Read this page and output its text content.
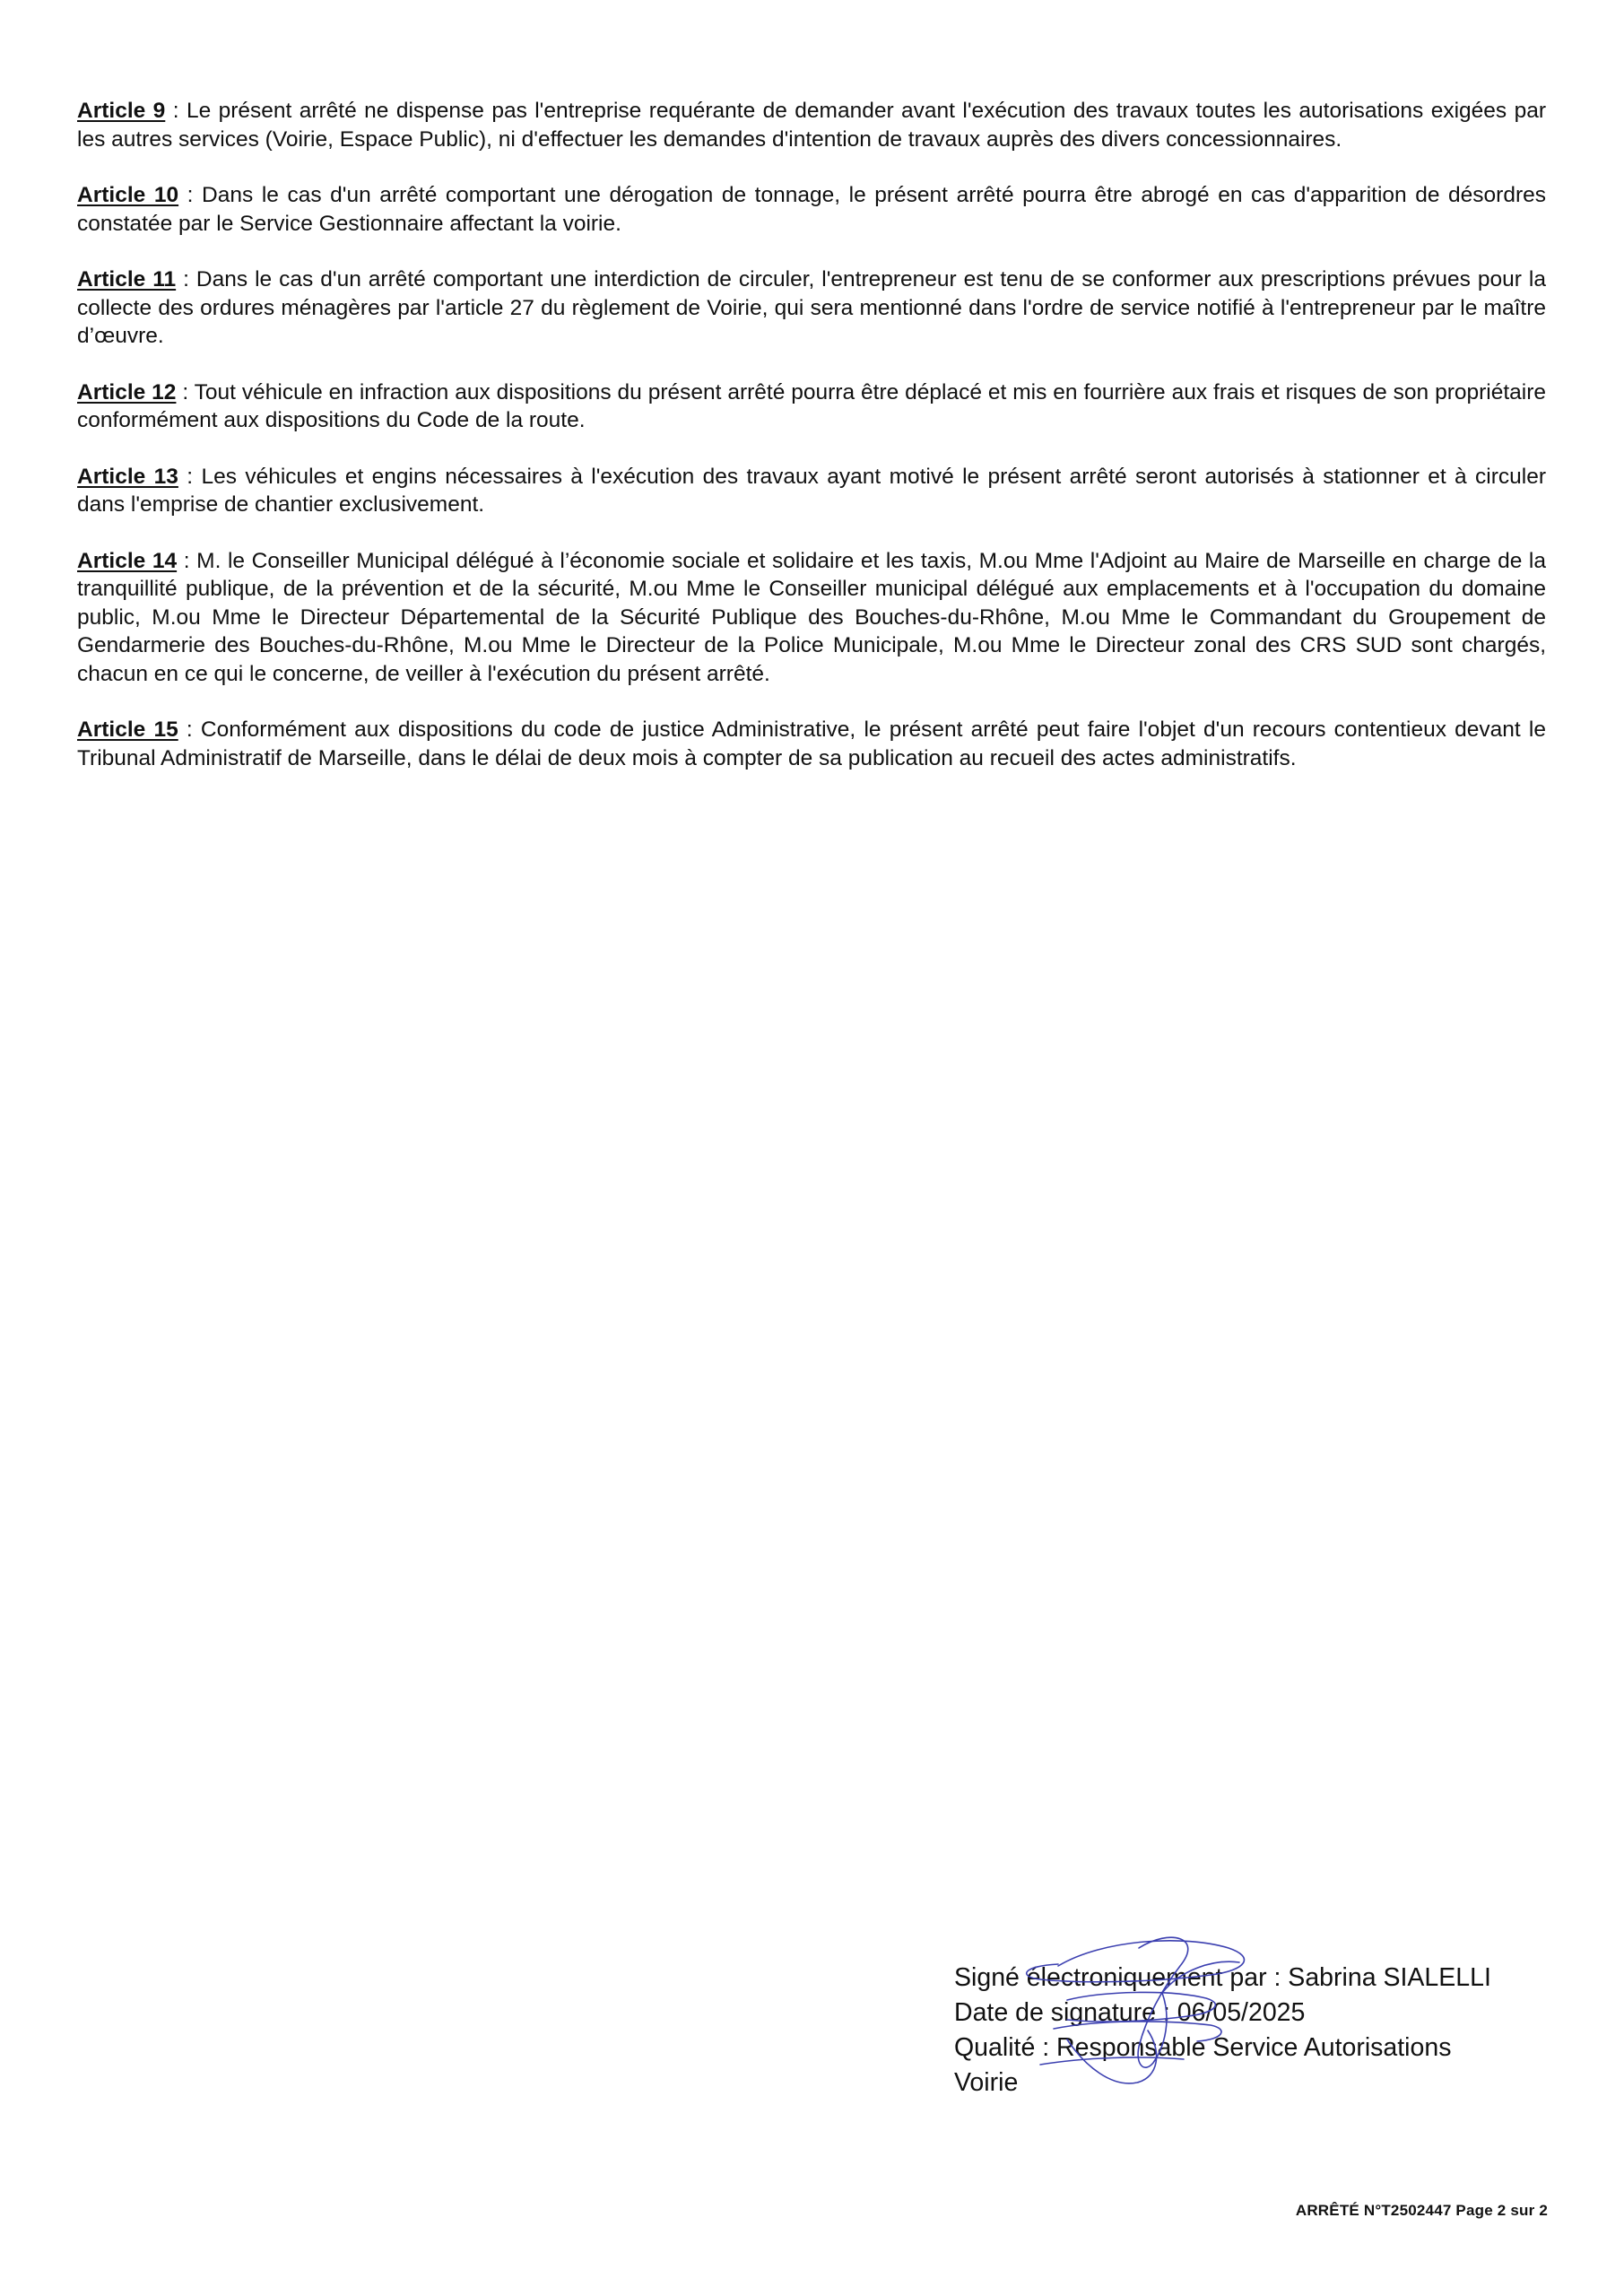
Article 9 : Le présent arrêté ne dispense pas l'entreprise requérante de demander avant l'exécution des travaux toutes les autorisations exigées par les autres services (Voirie, Espace Public), ni d'effectuer les demandes d'intention de travaux auprès des divers concessionnaires.

Article 10 : Dans le cas d'un arrêté comportant une dérogation de tonnage, le présent arrêté pourra être abrogé en cas d'apparition de désordres constatée par le Service Gestionnaire affectant la voirie.

Article 11 : Dans le cas d'un arrêté comportant une interdiction de circuler, l'entrepreneur est tenu de se conformer aux prescriptions prévues pour la collecte des ordures ménagères par l'article 27 du règlement de Voirie, qui sera mentionné dans l'ordre de service notifié à l'entrepreneur par le maître d’œuvre.

Article 12 : Tout véhicule en infraction aux dispositions du présent arrêté pourra être déplacé et mis en fourrière aux frais et risques de son propriétaire conformément aux dispositions du Code de la route.

Article 13 : Les véhicules et engins nécessaires à l'exécution des travaux ayant motivé le présent arrêté seront autorisés à stationner et à circuler dans l'emprise de chantier exclusivement.

Article 14 : M. le Conseiller Municipal délégué à l’économie sociale et solidaire et les taxis, M.ou Mme l'Adjoint au Maire de Marseille en charge de la tranquillité publique, de la prévention et de la sécurité, M.ou Mme le Conseiller municipal délégué aux emplacements et à l'occupation du domaine public, M.ou Mme le Directeur Départemental de la Sécurité Publique des Bouches-du-Rhône, M.ou Mme le Commandant du Groupement de Gendarmerie des Bouches-du-Rhône, M.ou Mme le Directeur de la Police Municipale, M.ou Mme le Directeur zonal des CRS SUD sont chargés, chacun en ce qui le concerne, de veiller à l'exécution du présent arrêté.

Article 15 : Conformément aux dispositions du code de justice Administrative, le présent arrêté peut faire l'objet d'un recours contentieux devant le Tribunal Administratif de Marseille, dans le délai de deux mois à compter de sa publication au recueil des actes administratifs.

Signé électroniquement par : Sabrina SIALELLI
Date de signature : 06/05/2025
Qualité : Responsable Service Autorisations
Voirie
ARRÊTÉ N°T2502447 Page 2 sur 2
